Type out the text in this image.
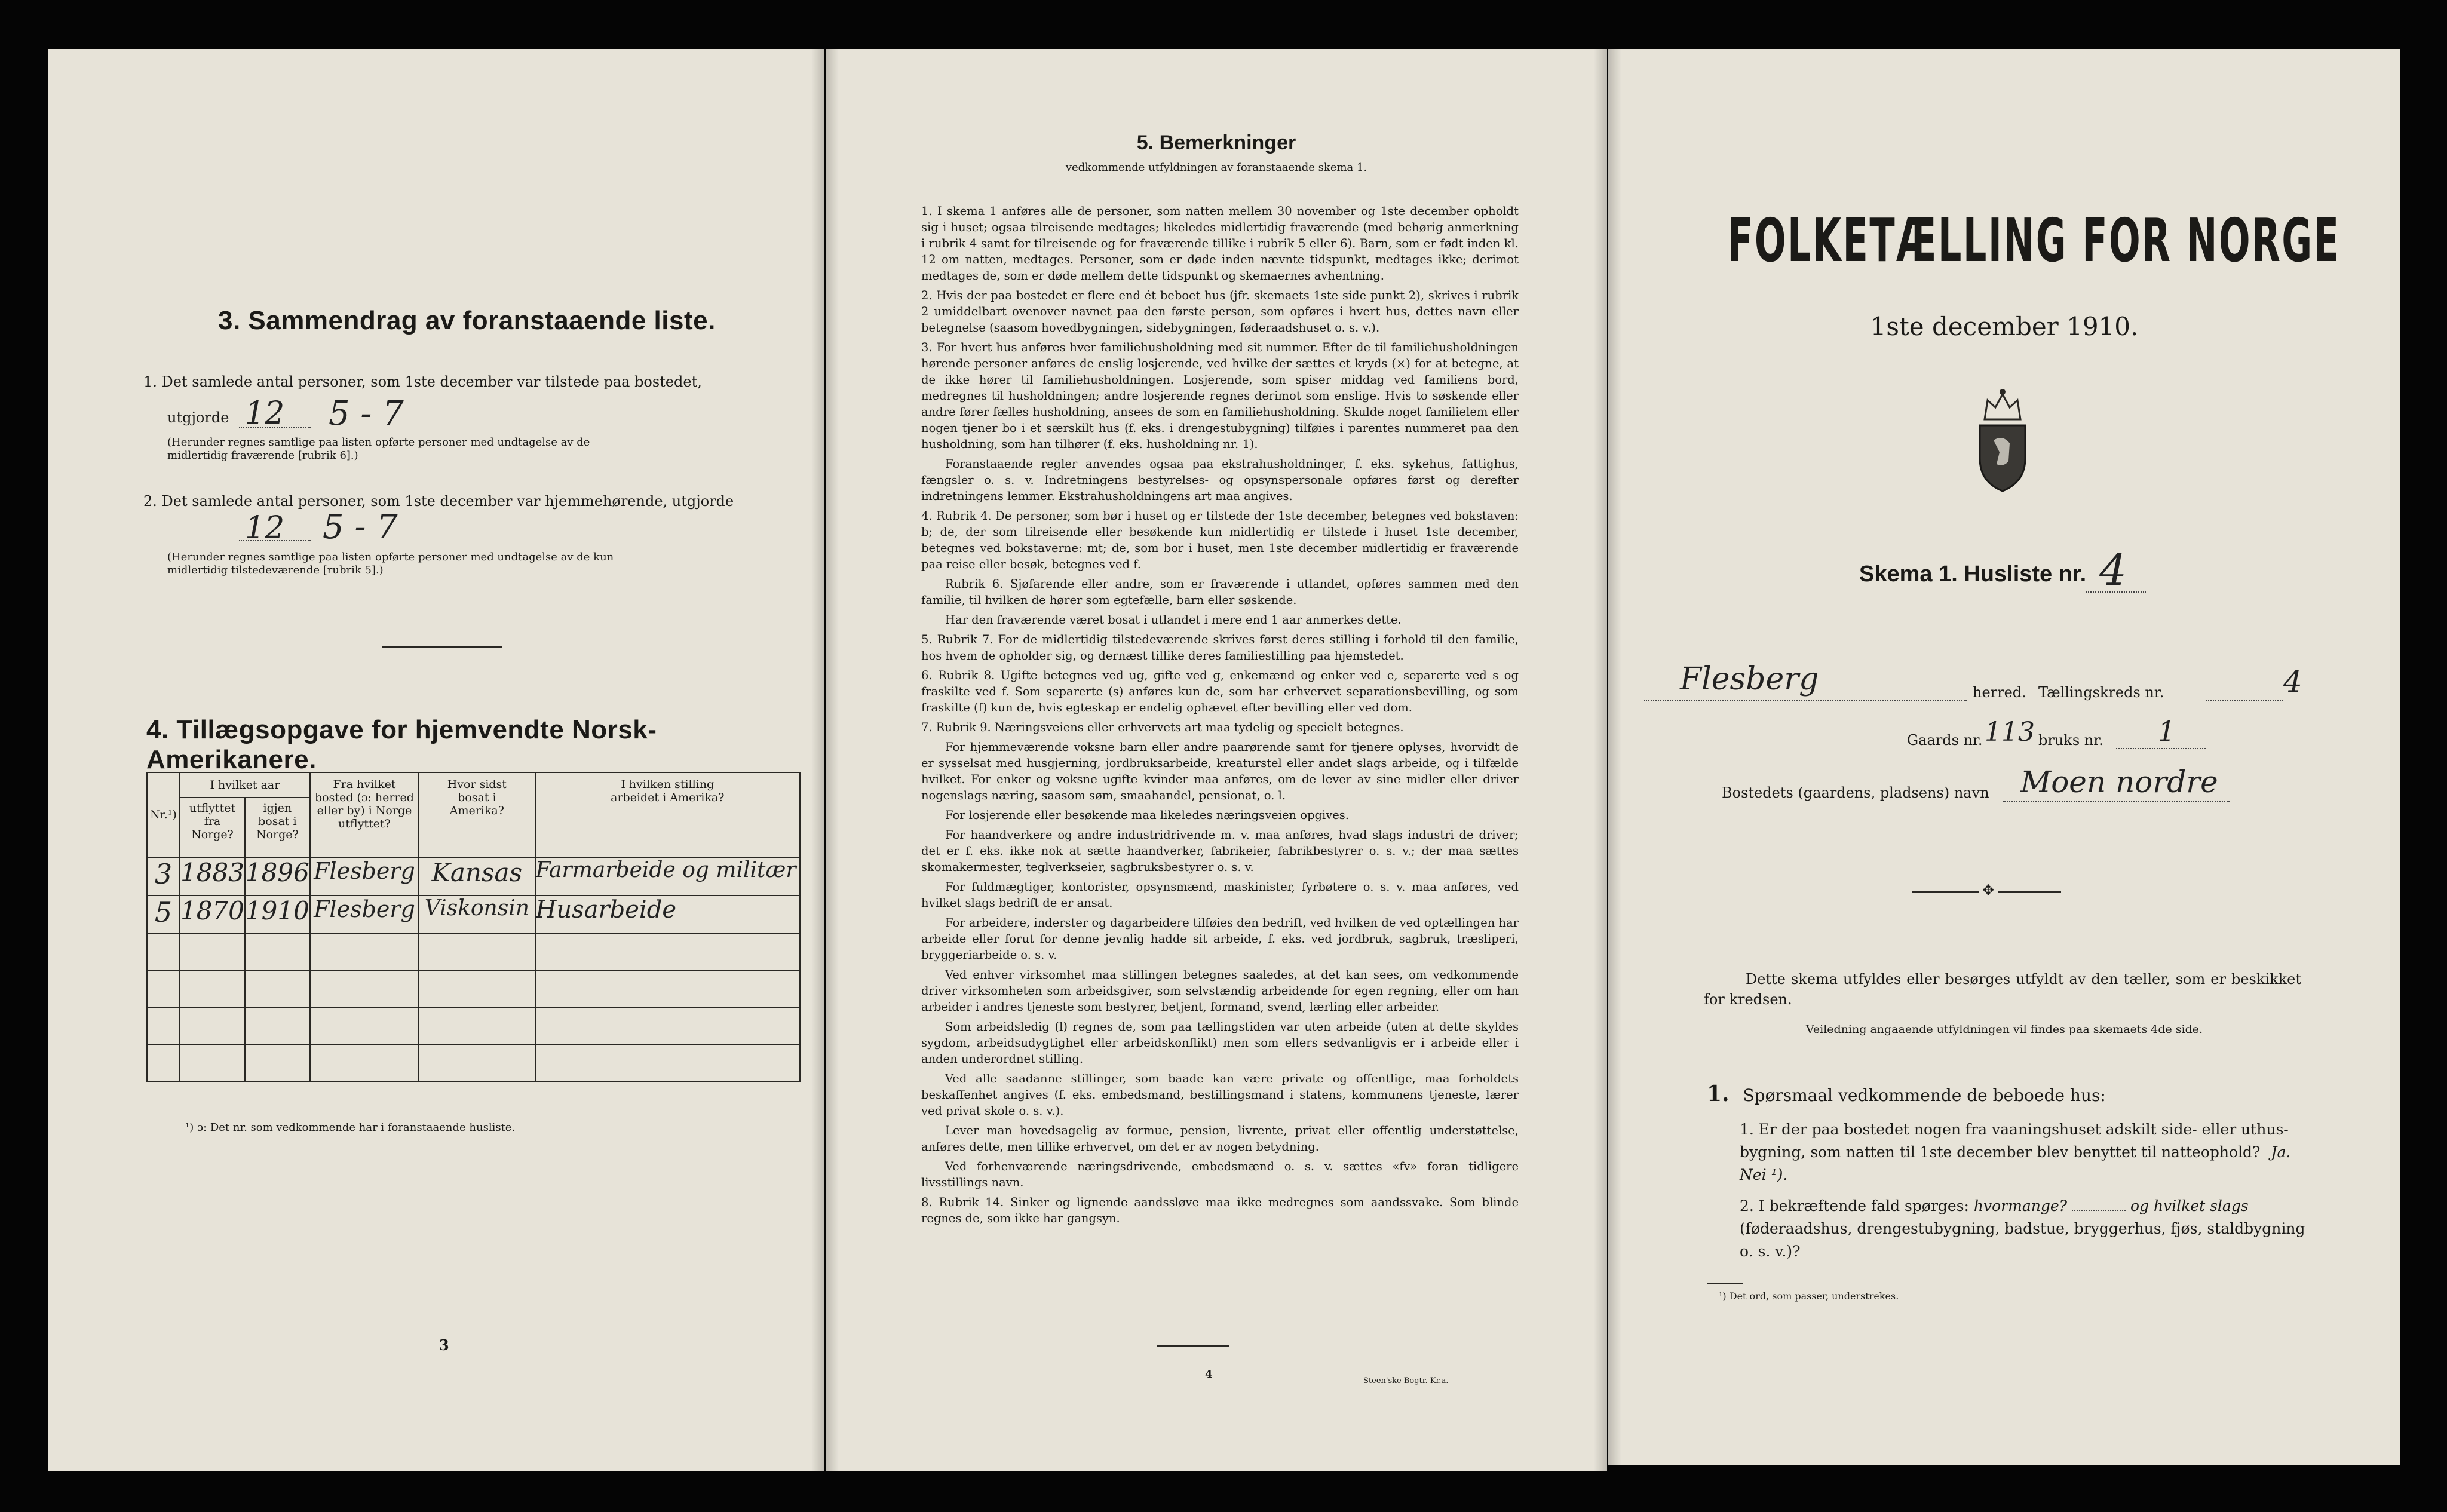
3. Sammendrag av foranstaaende liste.
1. Det samlede antal personer, som 1ste december var tilstede paa bostedet,
utgjorde 12 5 - 7
(Herunder regnes samtlige paa listen opførte personer med undtagelse av de midlertidig fraværende [rubrik 6].)
2. Det samlede antal personer, som 1ste december var hjemmehørende, utgjorde
12 5 - 7
(Herunder regnes samtlige paa listen opførte personer med undtagelse av de kun midlertidig tilstedeværende [rubrik 5].)
4. Tillægsopgave for hjemvendte Norsk-Amerikanere.
Nr.¹)	I hvilket aar		Fra hvilket bosted (ɔ: herred eller by) i Norge utflyttet?	Hvor sidst bosat i Amerika?	I hvilken stilling arbeidet i Amerika?
	utflyttet fra Norge?	igjen bosat i Norge?			
3	1883	1896	Flesberg	Kansas	Farmarbeide og militær
5	1870	1910	Flesberg	Viskonsin	Husarbeide

¹) ɔ: Det nr. som vedkommende har i foranstaaende husliste.
3
5. Bemerkninger
vedkommende utfyldningen av foranstaaende skema 1.

1. I skema 1 anføres alle de personer, som natten mellem 30 november og 1ste december opholdt sig i huset; ogsaa tilreisende medtages; likeledes midlertidig fraværende (med behørig anmerkning i rubrik 4 samt for tilreisende og for fraværende tillike i rubrik 5 eller 6). Barn, som er født inden kl. 12 om natten, medtages. Personer, som er døde inden nævnte tidspunkt, medtages ikke; derimot medtages de, som er døde mellem dette tidspunkt og skemaernes avhentning.

2. Hvis der paa bostedet er flere end ét beboet hus (jfr. skemaets 1ste side punkt 2), skrives i rubrik 2 umiddelbart ovenover navnet paa den første person, som opføres i hvert hus, dettes navn eller betegnelse (saasom hovedbygningen, sidebygningen, føderaadshuset o. s. v.).

3. For hvert hus anføres hver familiehusholdning med sit nummer. Efter de til familiehusholdningen hørende personer anføres de enslig losjerende, ved hvilke der sættes et kryds (×) for at betegne, at de ikke hører til familiehusholdningen. Losjerende, som spiser middag ved familiens bord, medregnes til husholdningen; andre losjerende regnes derimot som enslige. Hvis to søskende eller andre fører fælles husholdning, ansees de som en familiehusholdning. Skulde noget familielem eller nogen tjener bo i et særskilt hus (f. eks. i drengestubygning) tilføies i parentes nummeret paa den husholdning, som han tilhører (f. eks. husholdning nr. 1).

Foranstaaende regler anvendes ogsaa paa ekstrahusholdninger, f. eks. sykehus, fattighus, fængsler o. s. v. Indretningens bestyrelses- og opsynspersonale opføres først og derefter indretningens lemmer. Ekstrahusholdningens art maa angives.

4. Rubrik 4. De personer, som bør i huset og er tilstede der 1ste december, betegnes ved bokstaven: b; de, der som tilreisende eller besøkende kun midlertidig er tilstede i huset 1ste december, betegnes ved bokstaverne: mt; de, som bor i huset, men 1ste december midlertidig er fraværende paa reise eller besøk, betegnes ved f.

Rubrik 6. Sjøfarende eller andre, som er fraværende i utlandet, opføres sammen med den familie, til hvilken de hører som egtefælle, barn eller søskende.

Har den fraværende været bosat i utlandet i mere end 1 aar anmerkes dette.

5. Rubrik 7. For de midlertidig tilstedeværende skrives først deres stilling i forhold til den familie, hos hvem de opholder sig, og dernæst tillike deres familiestilling paa hjemstedet.

6. Rubrik 8. Ugifte betegnes ved ug, gifte ved g, enkemænd og enker ved e, separerte ved s og fraskilte ved f. Som separerte (s) anføres kun de, som har erhvervet separationsbevilling, og som fraskilte (f) kun de, hvis egteskap er endelig ophævet efter bevilling eller ved dom.

7. Rubrik 9. Næringsveiens eller erhvervets art maa tydelig og specielt betegnes.

For hjemmeværende voksne barn eller andre paarørende samt for tjenere oplyses, hvorvidt de er sysselsat med husgjerning, jordbruksarbeide, kreaturstel eller andet slags arbeide, og i tilfælde hvilket. For enker og voksne ugifte kvinder maa anføres, om de lever av sine midler eller driver nogenslags næring, saasom søm, smaahandel, pensionat, o. l.

For losjerende eller besøkende maa likeledes næringsveien opgives.

For haandverkere og andre industridrivende m. v. maa anføres, hvad slags industri de driver; det er f. eks. ikke nok at sætte haandverker, fabrikeier, fabrikbestyrer o. s. v.; der maa sættes skomakermester, teglverkseier, sagbruksbestyrer o. s. v.

For fuldmægtiger, kontorister, opsynsmænd, maskinister, fyrbøtere o. s. v. maa anføres, ved hvilket slags bedrift de er ansat.

For arbeidere, inderster og dagarbeidere tilføies den bedrift, ved hvilken de ved optællingen har arbeide eller forut for denne jevnlig hadde sit arbeide, f. eks. ved jordbruk, sagbruk, træsliperi, bryggeriarbeide o. s. v.

Ved enhver virksomhet maa stillingen betegnes saaledes, at det kan sees, om vedkommende driver virksomheten som arbeidsgiver, som selvstændig arbeidende for egen regning, eller om han arbeider i andres tjeneste som bestyrer, betjent, formand, svend, lærling eller arbeider.

Som arbeidsledig (l) regnes de, som paa tællingstiden var uten arbeide (uten at dette skyldes sygdom, arbeidsudygtighet eller arbeidskonflikt) men som ellers sedvanligvis er i arbeide eller i anden underordnet stilling.

Ved alle saadanne stillinger, som baade kan være private og offentlige, maa forholdets beskaffenhet angives (f. eks. embedsmand, bestillingsmand i statens, kommunens tjeneste, lærer ved privat skole o. s. v.).

Lever man hovedsagelig av formue, pension, livrente, privat eller offentlig understøttelse, anføres dette, men tillike erhvervet, om det er av nogen betydning.

Ved forhenværende næringsdrivende, embedsmænd o. s. v. sættes «fv» foran tidligere livsstillings navn.

8. Rubrik 14. Sinker og lignende aandssløve maa ikke medregnes som aandssvake. Som blinde regnes de, som ikke har gangsyn.

4
Steen'ske Bogtr. Kr.a.
FOLKETÆLLING FOR NORGE
1ste december 1910.
Skema 1. Husliste nr. 4
Flesberg	herred. Tællingskreds nr.	4
Gaards nr. 113 bruks nr. 1
Bostedets (gaardens, pladsens) navn Moen nordre
✥
Dette skema utfyldes eller besørges utfyldt av den tæller, som er beskikket for kredsen.
Veiledning angaaende utfyldningen vil findes paa skemaets 4de side.
1. Spørsmaal vedkommende de beboede hus:
1. Er der paa bostedet nogen fra vaaningshuset adskilt side- eller uthus-bygning, som natten til 1ste december blev benyttet til natteophold? Ja. Nei ¹).
2. I bekræftende fald spørges: hvormange?	og hvilket slags (føderaadshus, drengestubygning, badstue, bryggerhus, fjøs, staldbygning o. s. v.)?
¹) Det ord, som passer, understrekes.
